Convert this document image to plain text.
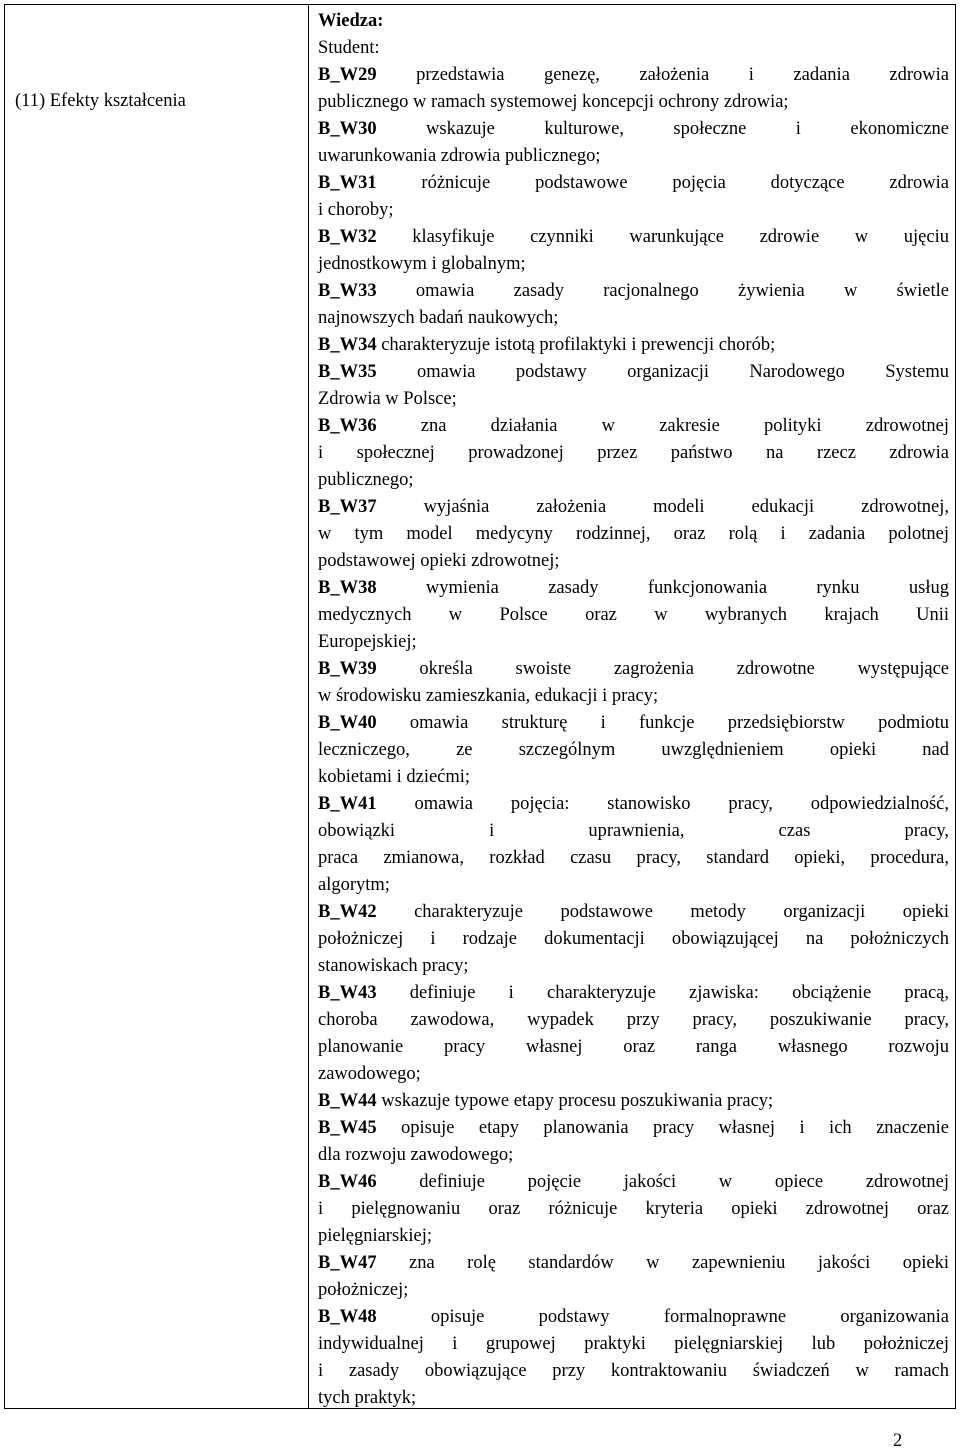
(11) Efekty kształcenia
Wiedza:
Student:
B_W29 przedstawia genezę, założenia i zadania zdrowia
publicznego w ramach systemowej koncepcji ochrony zdrowia;
B_W30 wskazuje kulturowe, społeczne i ekonomiczne
uwarunkowania zdrowia publicznego;
B_W31 różnicuje podstawowe pojęcia dotyczące zdrowia
i choroby;
B_W32 klasyfikuje czynniki warunkujące zdrowie w ujęciu
jednostkowym i globalnym;
B_W33 omawia zasady racjonalnego żywienia w świetle
najnowszych badań naukowych;
B_W34 charakteryzuje istotą profilaktyki i prewencji chorób;
B_W35 omawia podstawy organizacji Narodowego Systemu
Zdrowia w Polsce;
B_W36 zna działania w zakresie polityki zdrowotnej
i społecznej prowadzonej przez państwo na rzecz zdrowia
publicznego;
B_W37 wyjaśnia założenia modeli edukacji zdrowotnej,
w tym model medycyny rodzinnej, oraz rolą i zadania polotnej
podstawowej opieki zdrowotnej;
B_W38 wymienia zasady funkcjonowania rynku usług
medycznych w Polsce oraz w wybranych krajach Unii
Europejskiej;
B_W39 określa swoiste zagrożenia zdrowotne występujące
w środowisku zamieszkania, edukacji i pracy;
B_W40 omawia strukturę i funkcje przedsiębiorstw podmiotu
leczniczego, ze szczególnym uwzględnieniem opieki nad
kobietami i dziećmi;
B_W41 omawia pojęcia: stanowisko pracy, odpowiedzialność,
obowiązki i uprawnienia, czas pracy,
praca zmianowa, rozkład czasu pracy, standard opieki, procedura,
algorytm;
B_W42 charakteryzuje podstawowe metody organizacji opieki
położniczej i rodzaje dokumentacji obowiązującej na położniczych
stanowiskach pracy;
B_W43 definiuje i charakteryzuje zjawiska: obciążenie pracą,
choroba zawodowa, wypadek przy pracy, poszukiwanie pracy,
planowanie pracy własnej oraz ranga własnego rozwoju
zawodowego;
B_W44 wskazuje typowe etapy procesu poszukiwania pracy;
B_W45 opisuje etapy planowania pracy własnej i ich znaczenie
dla rozwoju zawodowego;
B_W46 definiuje pojęcie jakości w opiece zdrowotnej
i pielęgnowaniu oraz różnicuje kryteria opieki zdrowotnej oraz
pielęgniarskiej;
B_W47 zna rolę standardów w zapewnieniu jakości opieki
położniczej;
B_W48 opisuje podstawy formalnoprawne organizowania
indywidualnej i grupowej praktyki pielęgniarskiej lub położniczej
i zasady obowiązujące przy kontraktowaniu świadczeń w ramach
tych praktyk;
2
